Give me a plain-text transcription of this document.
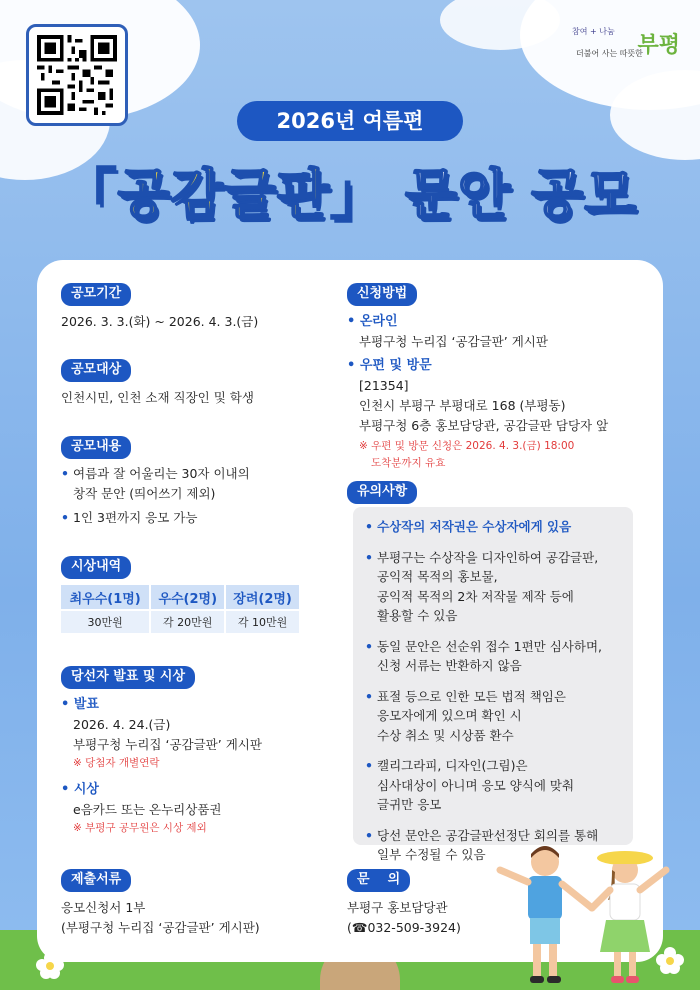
참여 + 나눔
더불어 사는 따뜻한
부평
2026년 여름편
「공감글판」 문안 공모
공모기간
2026. 3. 3.(화) ~ 2026. 4. 3.(금)
공모대상
인천시민, 인천 소재 직장인 및 학생
공모내용
• 여름과 잘 어울리는 30자 이내의
창작 문안 (띄어쓰기 제외)
• 1인 3편까지 응모 가능
시상내역
최우수(1명)	우수(2명)	장려(2명)
30만원	각 20만원	각 10만원
당선자 발표 및 시상
• 발표
2026. 4. 24.(금)
부평구청 누리집 ‘공감글판’ 게시판
※ 당첨자 개별연락
• 시상
e음카드 또는 온누리상품권
※ 부평구 공무원은 시상 제외
제출서류
응모신청서 1부
(부평구청 누리집 ‘공감글판’ 게시판)
신청방법
• 온라인
부평구청 누리집 ‘공감글판’ 게시판
• 우편 및 방문
[21354]
인천시 부평구 부평대로 168 (부평동)
부평구청 6층 홍보담당관, 공감글판 담당자 앞
※ 우편 및 방문 신청은 2026. 4. 3.(금) 18:00
도착분까지 유효
유의사항
• 수상작의 저작권은 수상자에게 있음
• 부평구는 수상작을 디자인하여 공감글판,
공익적 목적의 홍보물,
공익적 목적의 2차 저작물 제작 등에
활용할 수 있음
• 동일 문안은 선순위 접수 1편만 심사하며,
신청 서류는 반환하지 않음
• 표절 등으로 인한 모든 법적 책임은
응모자에게 있으며 확인 시
수상 취소 및 시상품 환수
• 캘리그라피, 디자인(그림)은
심사대상이 아니며 응모 양식에 맞춰
글귀만 응모
• 당선 문안은 공감글판선정단 회의를 통해
일부 수정될 수 있음
문    의
부평구 홍보담당관
(☎032-509-3924)
